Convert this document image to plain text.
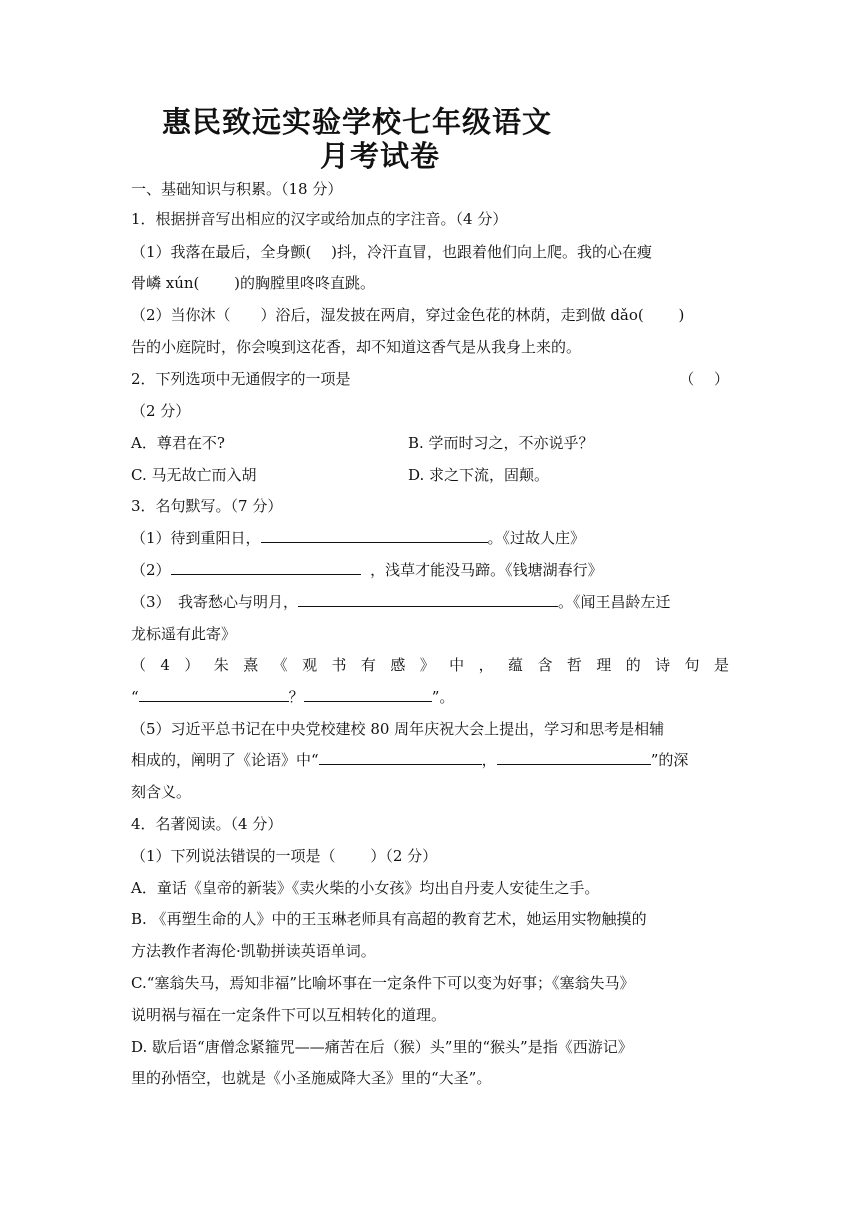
惠民致远实验学校七年级语文
月考试卷
一、基础知识与积累。（18 分）
1．根据拼音写出相应的汉字或给加点的字注音。（4 分）
（1）我落在最后，全身颤(　 )抖，冷汗直冒，也跟着他们向上爬。我的心在瘦
骨嶙 xún(　 　)的胸膛里咚咚直跳。
（2）当你沐（　　）浴后，湿发披在两肩，穿过金色花的林荫，走到做 dǎo(　　 )
告的小庭院时，你会嗅到这花香，却不知道这香气是从我身上来的。
2．下列选项中无通假字的一项是	（　 ）
（2 分）
A．尊君在不?	B. 学而时习之，不亦说乎？
C. 马无故亡而入胡	D. 求之下流，固颠。
3．名句默写。（7 分）
（1）待到重阳日，	。《过故人庄》
（2）	，浅草才能没马蹄。《钱塘湖春行》
（3）　我寄愁心与明月，	。《闻王昌龄左迁
龙标遥有此寄》
（ 4 ） 朱 熹 《 观 书 有 感 》 中 ， 蕴 含 哲 理 的 诗 句 是
“	？	”。
（5）习近平总书记在中央党校建校 80 周年庆祝大会上提出，学习和思考是相辅
相成的，阐明了《论语》中“	，	”的深
刻含义。
4．名著阅读。（4 分）
（1）下列说法错误的一项是（　　 ）（2 分）
A．童话《皇帝的新装》《卖火柴的小女孩》均出自丹麦人安徒生之手。
B. 《再塑生命的人》中的王玉琳老师具有高超的教育艺术，她运用实物触摸的
方法教作者海伦·凯勒拼读英语单词。
C.“塞翁失马，焉知非福”比喻坏事在一定条件下可以变为好事；《塞翁失马》
说明祸与福在一定条件下可以互相转化的道理。
D. 歇后语“唐僧念紧箍咒——痛苦在后（猴）头”里的“猴头”是指《西游记》
里的孙悟空，也就是《小圣施威降大圣》里的“大圣”。
